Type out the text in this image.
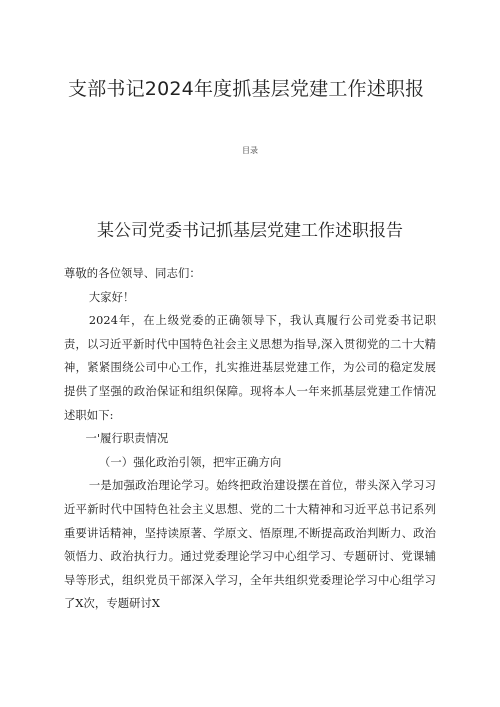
支部书记2024年度抓基层党建工作述职报
目录
某公司党委书记抓基层党建工作述职报告

尊敬的各位领导、同志们：

大家好！

2024年，在上级党委的正确领导下，我认真履行公司党委书记职责，以习近平新时代中国特色社会主义思想为指导,深入贯彻党的二十大精神，紧紧围绕公司中心工作，扎实推进基层党建工作，为公司的稳定发展提供了坚强的政治保证和组织保障。现将本人一年来抓基层党建工作情况述职如下:

一'履行职责情况

（一）强化政治引领，把牢正确方向

一是加强政治理论学习。始终把政治建设摆在首位，带头深入学习习近平新时代中国特色社会主义思想、党的二十大精神和习近平总书记系列重要讲话精神，坚持读原著、学原文、悟原理,不断提高政治判断力、政治领悟力、政治执行力。通过党委理论学习中心组学习、专题研讨、党课辅导等形式，组织党员干部深入学习，全年共组织党委理论学习中心组学习了X次，专题研讨X
